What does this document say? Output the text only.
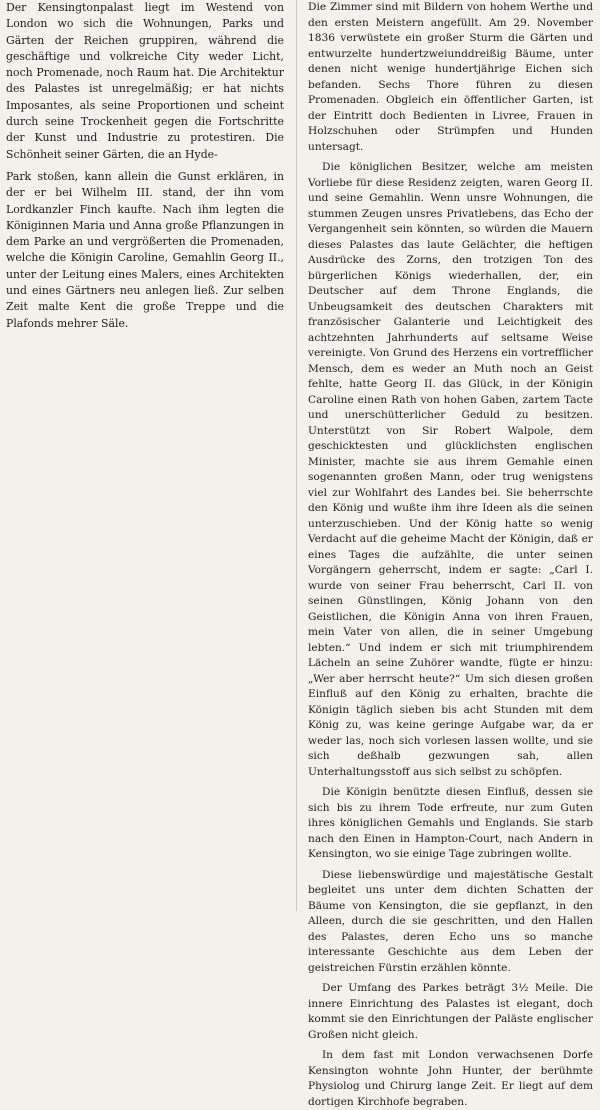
Der Kensingtonpalast liegt im Westend von London wo sich die Wohnungen, Parks und Gärten der Reichen gruppiren, während die geschäftige und volkreiche City weder Licht, noch Promenade, noch Raum hat. Die Architektur des Palastes ist unregelmäßig; er hat nichts Imposantes, als seine Proportionen und scheint durch seine Trockenheit gegen die Fortschritte der Kunst und Industrie zu protestiren. Die Schönheit seiner Gärten, die an Hyde-

Park stoßen, kann allein die Gunst erklären, in der er bei Wilhelm III. stand, der ihn vom Lordkanzler Finch kaufte. Nach ihm legten die Königinnen Maria und Anna große Pflanzungen in dem Parke an und vergrößerten die Promenaden, welche die Königin Caroline, Gemahlin Georg II., unter der Leitung eines Malers, eines Architekten und eines Gärtners neu anlegen ließ. Zur selben Zeit malte Kent die große Treppe und die Plafonds mehrer Säle.

Die Zimmer sind mit Bildern von hohem Werthe und den ersten Meistern angefüllt. Am 29. November 1836 verwüstete ein großer Sturm die Gärten und entwurzelte hundertzweiunddreißig Bäume, unter denen nicht wenige hundertjährige Eichen sich befanden. Sechs Thore führen zu diesen Promenaden. Obgleich ein öffentlicher Garten, ist der Eintritt doch Bedienten in Livree, Frauen in Holzschuhen oder Strümpfen und Hunden untersagt.

Die königlichen Besitzer, welche am meisten Vorliebe für diese Residenz zeigten, waren Georg II. und seine Gemahlin. Wenn unsre Wohnungen, die stummen Zeugen unsres Privatlebens, das Echo der Vergangenheit sein könnten, so würden die Mauern dieses Palastes das laute Gelächter, die heftigen Ausdrücke des Zorns, den trotzigen Ton des bürgerlichen Königs wiederhallen, der, ein Deutscher auf dem Throne Englands, die Unbeugsamkeit des deutschen Charakters mit französischer Galanterie und Leichtigkeit des achtzehnten Jahrhunderts auf seltsame Weise vereinigte. Von Grund des Herzens ein vortrefflicher Mensch, dem es weder an Muth noch an Geist fehlte, hatte Georg II. das Glück, in der Königin Caroline einen Rath von hohen Gaben, zartem Tacte und unerschütterlicher Geduld zu besitzen. Unterstützt von Sir Robert Walpole, dem geschicktesten und glücklichsten englischen Minister, machte sie aus ihrem Gemahle einen sogenannten großen Mann, oder trug wenigstens viel zur Wohlfahrt des Landes bei. Sie beherrschte den König und wußte ihm ihre Ideen als die seinen unterzuschieben. Und der König hatte so wenig Verdacht auf die geheime Macht der Königin, daß er eines Tages die aufzählte, die unter seinen Vorgängern geherrscht, indem er sagte: „Carl I. wurde von seiner Frau beherrscht, Carl II. von seinen Günstlingen, König Johann von den Geistlichen, die Königin Anna von ihren Frauen, mein Vater von allen, die in seiner Umgebung lebten.“ Und indem er sich mit triumphirendem Lächeln an seine Zuhörer wandte, fügte er hinzu: „Wer aber herrscht heute?“ Um sich diesen großen Einfluß auf den König zu erhalten, brachte die Königin täglich sieben bis acht Stunden mit dem König zu, was keine geringe Aufgabe war, da er weder las, noch sich vorlesen lassen wollte, und sie sich deßhalb gezwungen sah, allen Unterhaltungsstoff aus sich selbst zu schöpfen.

Die Königin benützte diesen Einfluß, dessen sie sich bis zu ihrem Tode erfreute, nur zum Guten ihres königlichen Gemahls und Englands. Sie starb nach den Einen in Hampton-Court, nach Andern in Kensington, wo sie einige Tage zubringen wollte.

Diese liebenswürdige und majestätische Gestalt begleitet uns unter dem dichten Schatten der Bäume von Kensington, die sie gepflanzt, in den Alleen, durch die sie geschritten, und den Hallen des Palastes, deren Echo uns so manche interessante Geschichte aus dem Leben der geistreichen Fürstin erzählen könnte.

Der Umfang des Parkes beträgt 3½ Meile. Die innere Einrichtung des Palastes ist elegant, doch kommt sie den Einrichtungen der Paläste englischer Großen nicht gleich.

In dem fast mit London verwachsenen Dorfe Kensington wohnte John Hunter, der berühmte Physiolog und Chirurg lange Zeit. Er liegt auf dem dortigen Kirchhofe begraben.
